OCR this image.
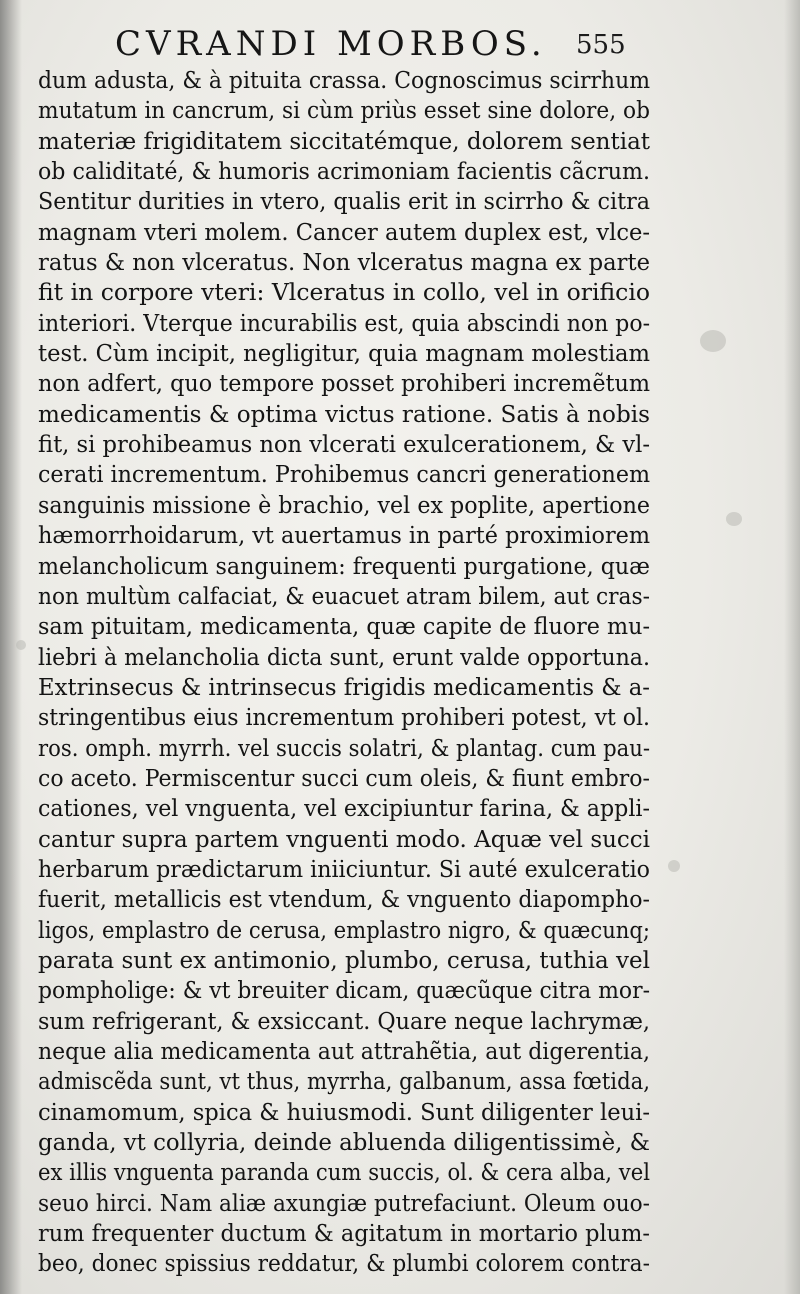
CVRANDI MORBOS. 555
dum adusta, & à pituita crassa. Cognoscimus scirrhum
mutatum in cancrum, si cùm priùs esset sine dolore, ob
materiæ frigiditatem siccitatémque, dolorem sentiat
ob caliditaté, & humoris acrimoniam facientis cãcrum.
Sentitur durities in vtero, qualis erit in scirrho & citra
magnam vteri molem. Cancer autem duplex est, vlce-
ratus & non vlceratus. Non vlceratus magna ex parte
fit in corpore vteri: Vlceratus in collo, vel in orificio
interiori. Vterque incurabilis est, quia abscindi non po-
test. Cùm incipit, negligitur, quia magnam molestiam
non adfert, quo tempore posset prohiberi incremẽtum
medicamentis & optima victus ratione. Satis à nobis
fit, si prohibeamus non vlcerati exulcerationem, & vl-
cerati incrementum. Prohibemus cancri generationem
sanguinis missione è brachio, vel ex poplite, apertione
hæmorrhoidarum, vt auertamus in parté proximiorem
melancholicum sanguinem: frequenti purgatione, quæ
non multùm calfaciat, & euacuet atram bilem, aut cras-
sam pituitam, medicamenta, quæ capite de fluore mu-
liebri à melancholia dicta sunt, erunt valde opportuna.
Extrinsecus & intrinsecus frigidis medicamentis & a-
stringentibus eius incrementum prohiberi potest, vt ol.
ros. omph. myrrh. vel succis solatri, & plantag. cum pau-
co aceto. Permiscentur succi cum oleis, & fiunt embro-
cationes, vel vnguenta, vel excipiuntur farina, & appli-
cantur supra partem vnguenti modo. Aquæ vel succi
herbarum prædictarum iniiciuntur. Si auté exulceratio
fuerit, metallicis est vtendum, & vnguento diapompho-
ligos, emplastro de cerusa, emplastro nigro, & quæcunq;
parata sunt ex antimonio, plumbo, cerusa, tuthia vel
pompholige: & vt breuiter dicam, quæcũque citra mor-
sum refrigerant, & exsiccant. Quare neque lachrymæ,
neque alia medicamenta aut attrahẽtia, aut digerentia,
admiscẽda sunt, vt thus, myrrha, galbanum, assa fœtida,
cinamomum, spica & huiusmodi. Sunt diligenter leui-
ganda, vt collyria, deinde abluenda diligentissimè, &
ex illis vnguenta paranda cum succis, ol. & cera alba, vel
seuo hirci. Nam aliæ axungiæ putrefaciunt. Oleum ouo-
rum frequenter ductum & agitatum in mortario plum-
beo, donec spissius reddatur, & plumbi colorem contra-
